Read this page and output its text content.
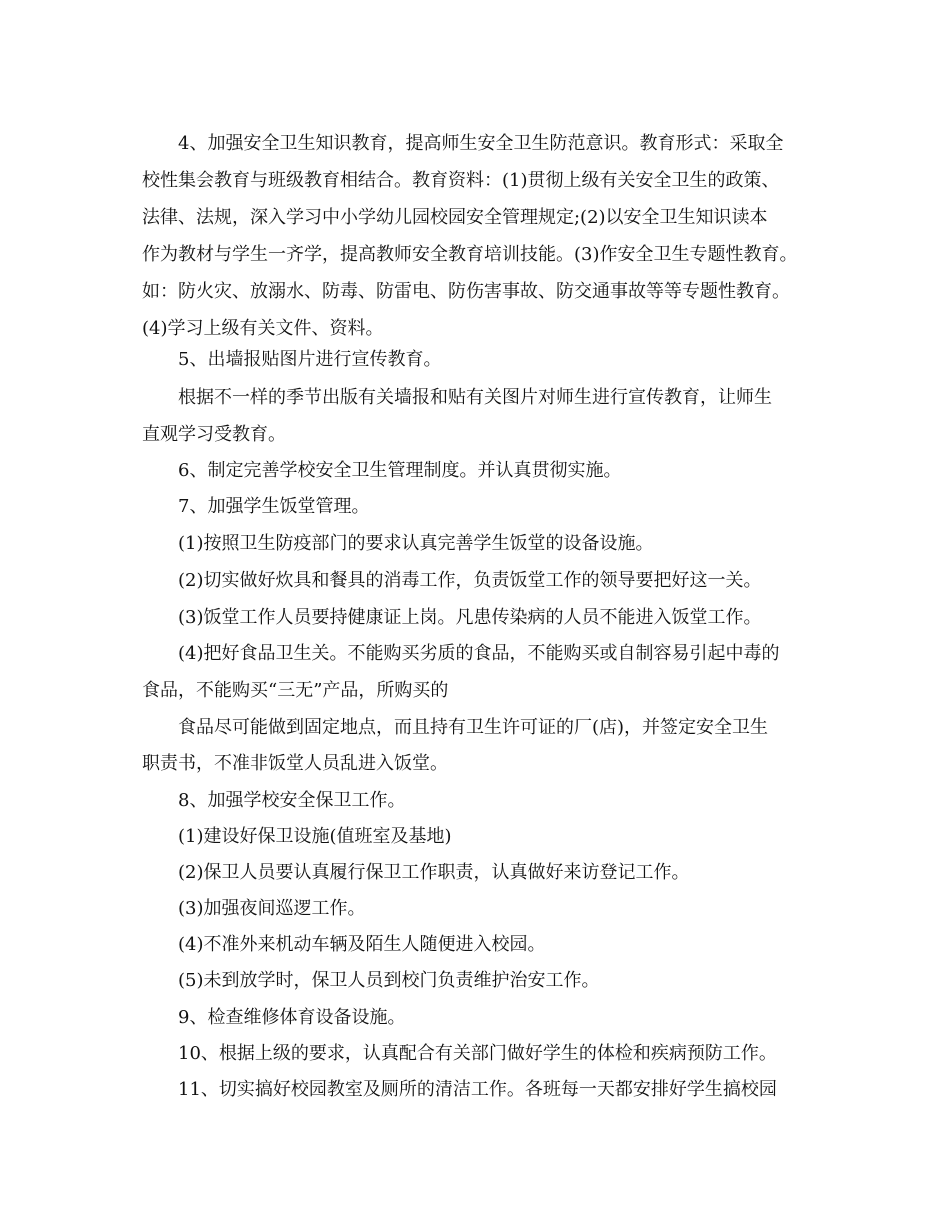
4、加强安全卫生知识教育，提高师生安全卫生防范意识。教育形式：采取全
校性集会教育与班级教育相结合。教育资料：(1)贯彻上级有关安全卫生的政策、
法律、法规，深入学习中小学幼儿园校园安全管理规定;(2)以安全卫生知识读本
作为教材与学生一齐学，提高教师安全教育培训技能。(3)作安全卫生专题性教育。
如：防火灾、放溺水、防毒、防雷电、防伤害事故、防交通事故等等专题性教育。
(4)学习上级有关文件、资料。
5、出墙报贴图片进行宣传教育。
根据不一样的季节出版有关墙报和贴有关图片对师生进行宣传教育，让师生
直观学习受教育。
6、制定完善学校安全卫生管理制度。并认真贯彻实施。
7、加强学生饭堂管理。
(1)按照卫生防疫部门的要求认真完善学生饭堂的设备设施。
(2)切实做好炊具和餐具的消毒工作，负责饭堂工作的领导要把好这一关。
(3)饭堂工作人员要持健康证上岗。凡患传染病的人员不能进入饭堂工作。
(4)把好食品卫生关。不能购买劣质的食品，不能购买或自制容易引起中毒的
食品，不能购买“三无”产品，所购买的
食品尽可能做到固定地点，而且持有卫生许可证的厂(店)，并签定安全卫生
职责书，不准非饭堂人员乱进入饭堂。
8、加强学校安全保卫工作。
(1)建设好保卫设施(值班室及基地)
(2)保卫人员要认真履行保卫工作职责，认真做好来访登记工作。
(3)加强夜间巡逻工作。
(4)不准外来机动车辆及陌生人随便进入校园。
(5)未到放学时，保卫人员到校门负责维护治安工作。
9、检查维修体育设备设施。
10、根据上级的要求，认真配合有关部门做好学生的体检和疾病预防工作。
11、切实搞好校园教室及厕所的清洁工作。各班每一天都安排好学生搞校园
